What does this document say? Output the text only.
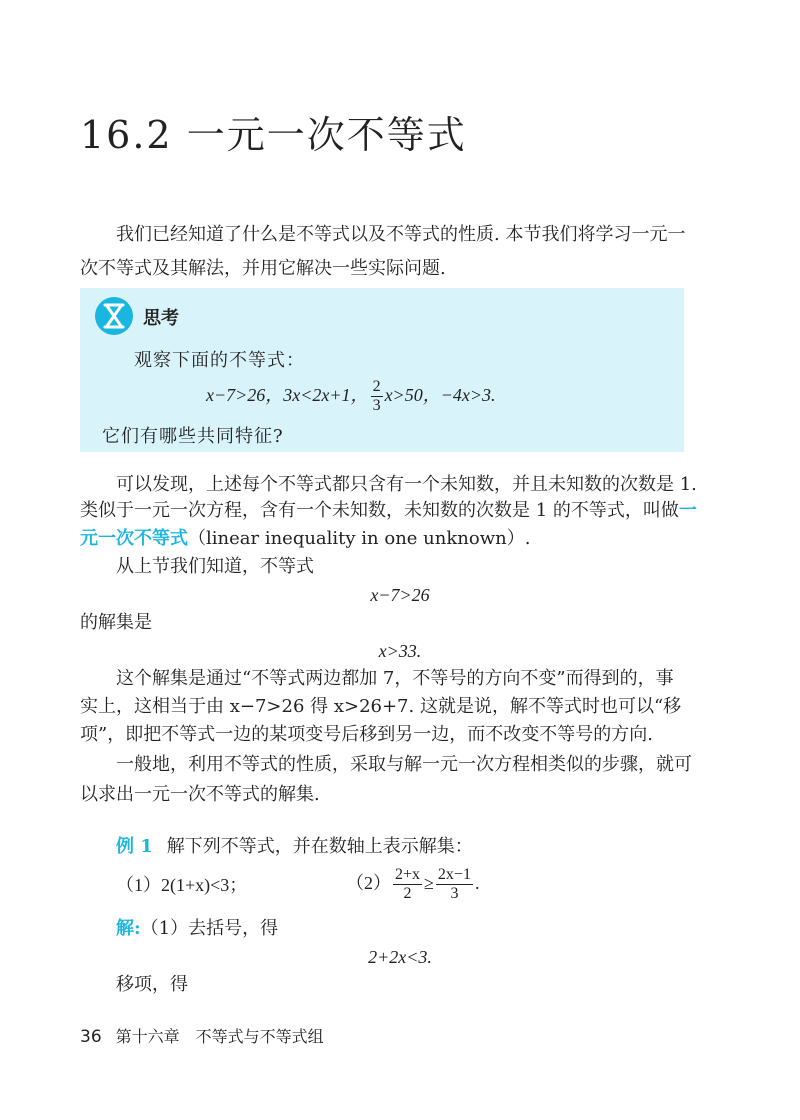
16.2 一元一次不等式
我们已经知道了什么是不等式以及不等式的性质. 本节我们将学习一元一
次不等式及其解法，并用它解决一些实际问题.
思考
观察下面的不等式：
x−7>26，3x<2x+1， $\frac{2}{3} x>50$，−4x>3.
它们有哪些共同特征?
可以发现，上述每个不等式都只含有一个未知数，并且未知数的次数是 1.
类似于一元一次方程，含有一个未知数，未知数的次数是 1 的不等式，叫做一
元一次不等式（linear inequality in one unknown）.
从上节我们知道，不等式
x−7>26
的解集是
x>33.
这个解集是通过“不等式两边都加 7，不等号的方向不变”而得到的，事
实上，这相当于由 x−7>26 得 x>26+7. 这就是说，解不等式时也可以“移
项”，即把不等式一边的某项变号后移到另一边，而不改变不等号的方向.
一般地，利用不等式的性质，采取与解一元一次方程相类似的步骤，就可
以求出一元一次不等式的解集.
例 1 解下列不等式，并在数轴上表示解集：
（1）2(1+x)<3；	$(2) \frac{2+x}{2} \ge \frac{2x-1}{3}$ .
解:（1）去括号，得
2+2x<3.
移项，得
36 第十六章　不等式与不等式组
